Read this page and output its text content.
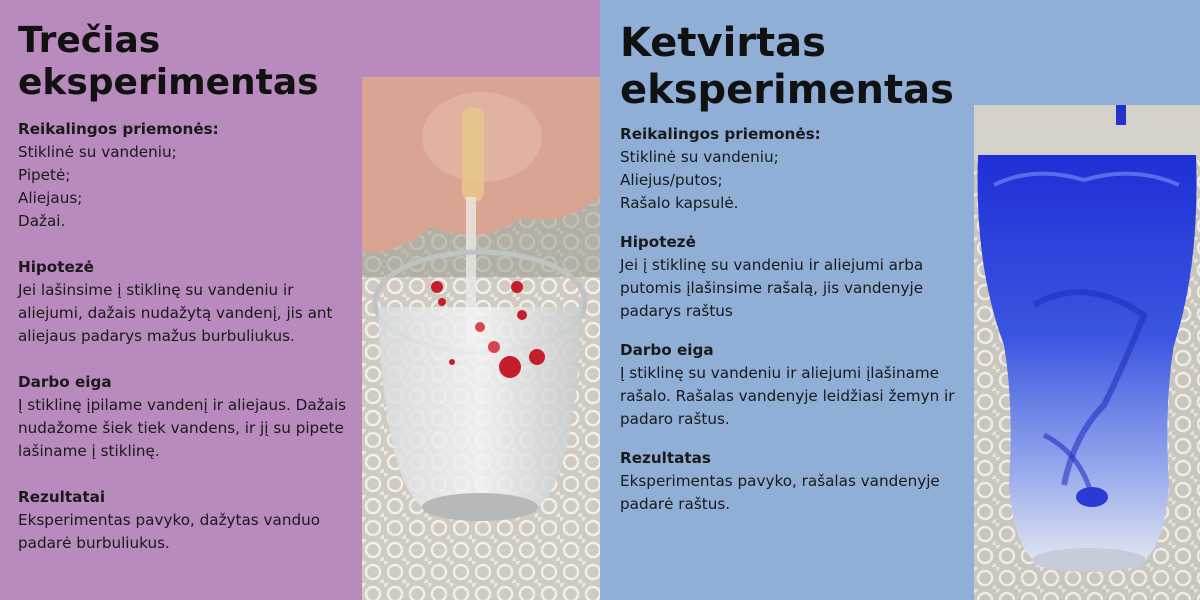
Trečias
eksperimentas
Reikalingos priemonės:
Stiklinė su vandeniu;
Pipetė;
Aliejaus;
Dažai.
Hipotezė
Jei lašinsime į stiklinę su vandeniu ir
aliejumi, dažais nudažytą vandenį, jis ant
aliejaus padarys mažus burbuliukus.
Darbo eiga
Į stiklinę įpilame vandenį ir aliejaus. Dažais
nudažome šiek tiek vandens, ir jį su pipete
lašiname į stiklinę.
Rezultatai
Eksperimentas pavyko, dažytas vanduo
padarė burbuliukus.
Ketvirtas
eksperimentas
Reikalingos priemonės:
Stiklinė su vandeniu;
Aliejus/putos;
Rašalo kapsulė.
Hipotezė
Jei į stiklinę su vandeniu ir aliejumi arba
putomis įlašinsime rašalą, jis vandenyje
padarys raštus
Darbo eiga
Į stiklinę su vandeniu ir aliejumi įlašiname
rašalo. Rašalas vandenyje leidžiasi žemyn ir
padaro raštus.
Rezultatas
Eksperimentas pavyko, rašalas vandenyje
padarė raštus.
